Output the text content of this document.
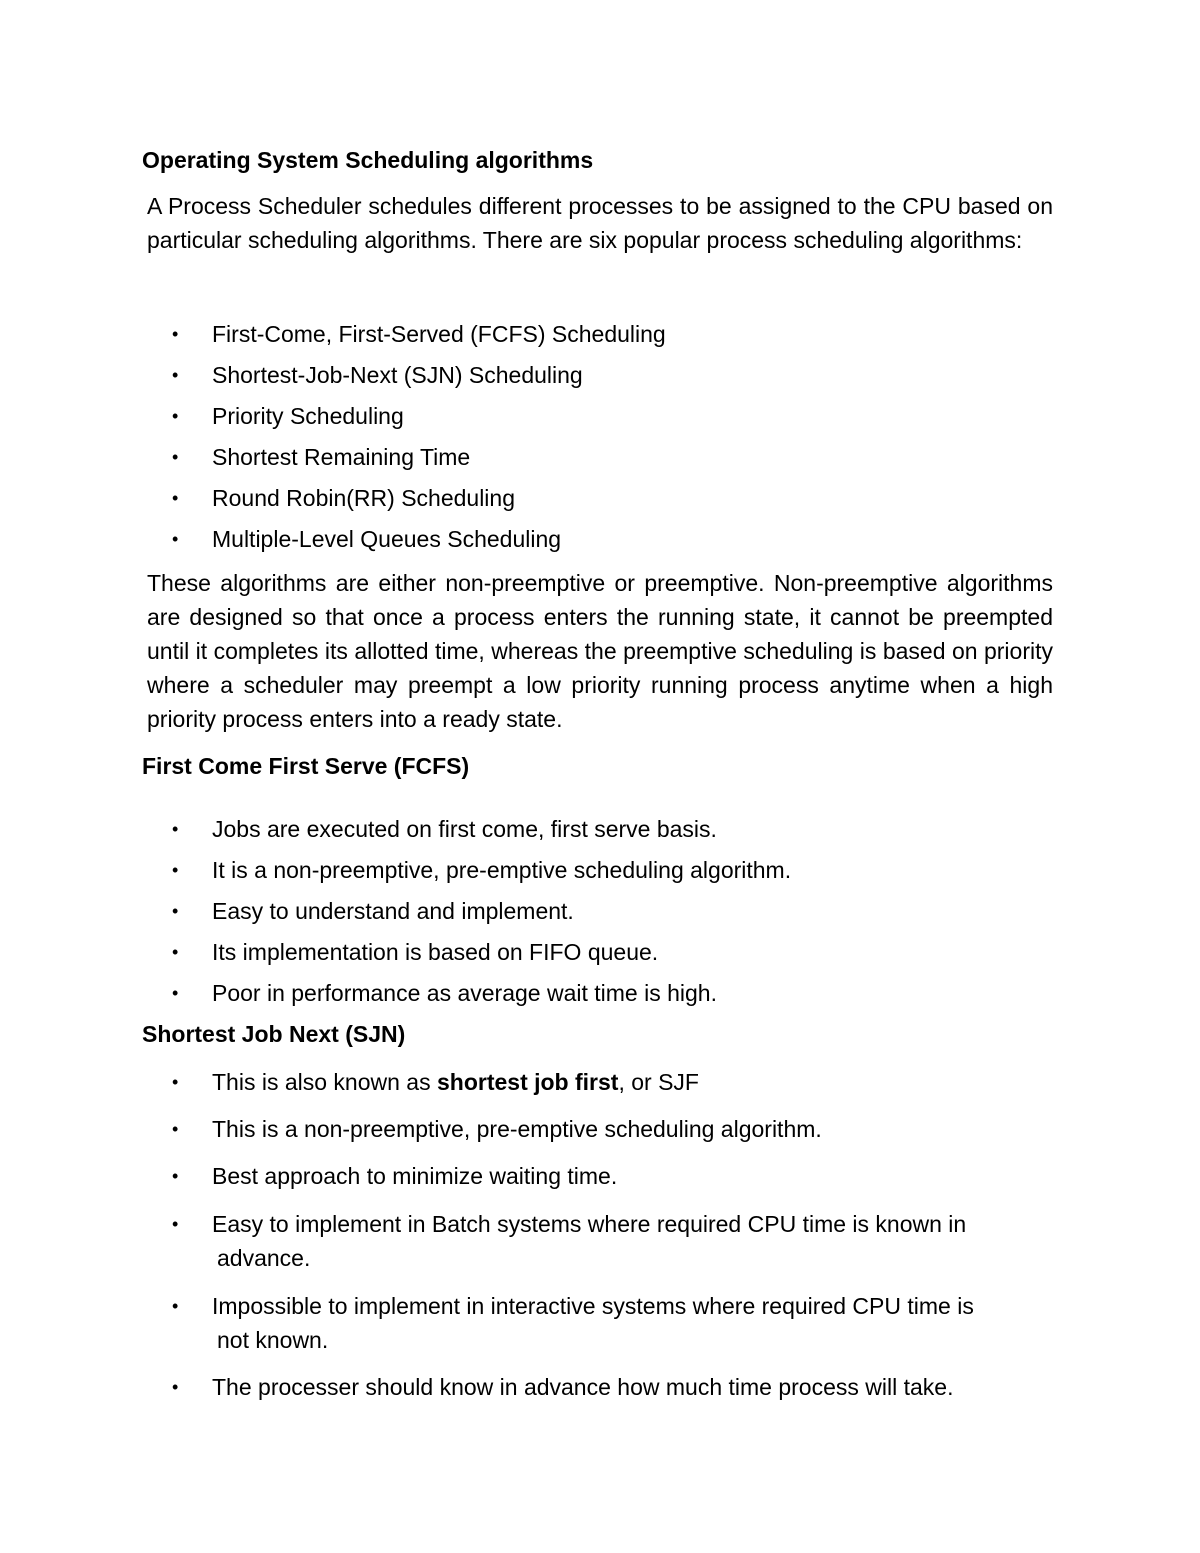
Operating System Scheduling algorithms
A Process Scheduler schedules different processes to be assigned to the CPU based on particular scheduling algorithms. There are six popular process scheduling algorithms:
• First-Come, First-Served (FCFS) Scheduling
• Shortest-Job-Next (SJN) Scheduling
• Priority Scheduling
• Shortest Remaining Time
• Round Robin(RR) Scheduling
• Multiple-Level Queues Scheduling
These algorithms are either non-preemptive or preemptive. Non-preemptive algorithms are designed so that once a process enters the running state, it cannot be preempted until it completes its allotted time, whereas the preemptive scheduling is based on priority where a scheduler may preempt a low priority running process anytime when a high priority process enters into a ready state.
First Come First Serve (FCFS)
• Jobs are executed on first come, first serve basis.
• It is a non-preemptive, pre-emptive scheduling algorithm.
• Easy to understand and implement.
• Its implementation is based on FIFO queue.
• Poor in performance as average wait time is high.
Shortest Job Next (SJN)
• This is also known as shortest job first, or SJF
• This is a non-preemptive, pre-emptive scheduling algorithm.
• Best approach to minimize waiting time.
• Easy to implement in Batch systems where required CPU time is known in
advance.
• Impossible to implement in interactive systems where required CPU time is
not known.
• The processer should know in advance how much time process will take.
